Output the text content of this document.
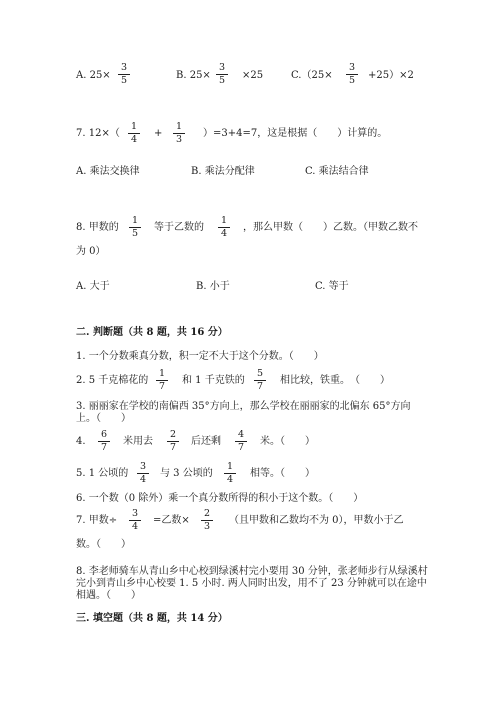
A. 25×
3
5	B. 25×
3
5	×25	C.（25×
3
5	+25）×2
7. 12×（
1
4
+
1
3
）=3+4=7，这是根据（　　）计算的。
A. 乘法交换律	B. 乘法分配律	C. 乘法结合律
8. 甲数的
1
5
等于乙数的
1
4
，那么甲数（　　）乙数。（甲数乙数不
为 0）
A. 大于	B. 小于	C. 等于
二. 判断题（共 8 题，共 16 分）
1. 一个分数乘真分数，积一定不大于这个分数。（　　）
2. 5 千克棉花的
1
7
和 1 千克铁的
5
7
相比较，铁重。　（　　）
3. 丽丽家在学校的南偏西 35°方向上，那么学校在丽丽家的北偏东 65°方向
上。（　　）
4.
6
7
米用去
2
7
后还剩
4
7
米。（　　）
5. 1 公顷的
3
4
与 3 公顷的
1
4
相等。（　　）
6. 一个数（0 除外）乘一个真分数所得的积小于这个数。（　　）
7. 甲数÷
3
4
=乙数×
2
3
（且甲数和乙数均不为 0），甲数小于乙
数。（　　）
8. 李老师骑车从青山乡中心校到绿溪村完小要用 30 分钟，张老师步行从绿溪村
完小到青山乡中心校要 1. 5 小时. 两人同时出发，用不了 23 分钟就可以在途中
相遇。（　　）
三. 填空题（共 8 题，共 14 分）
